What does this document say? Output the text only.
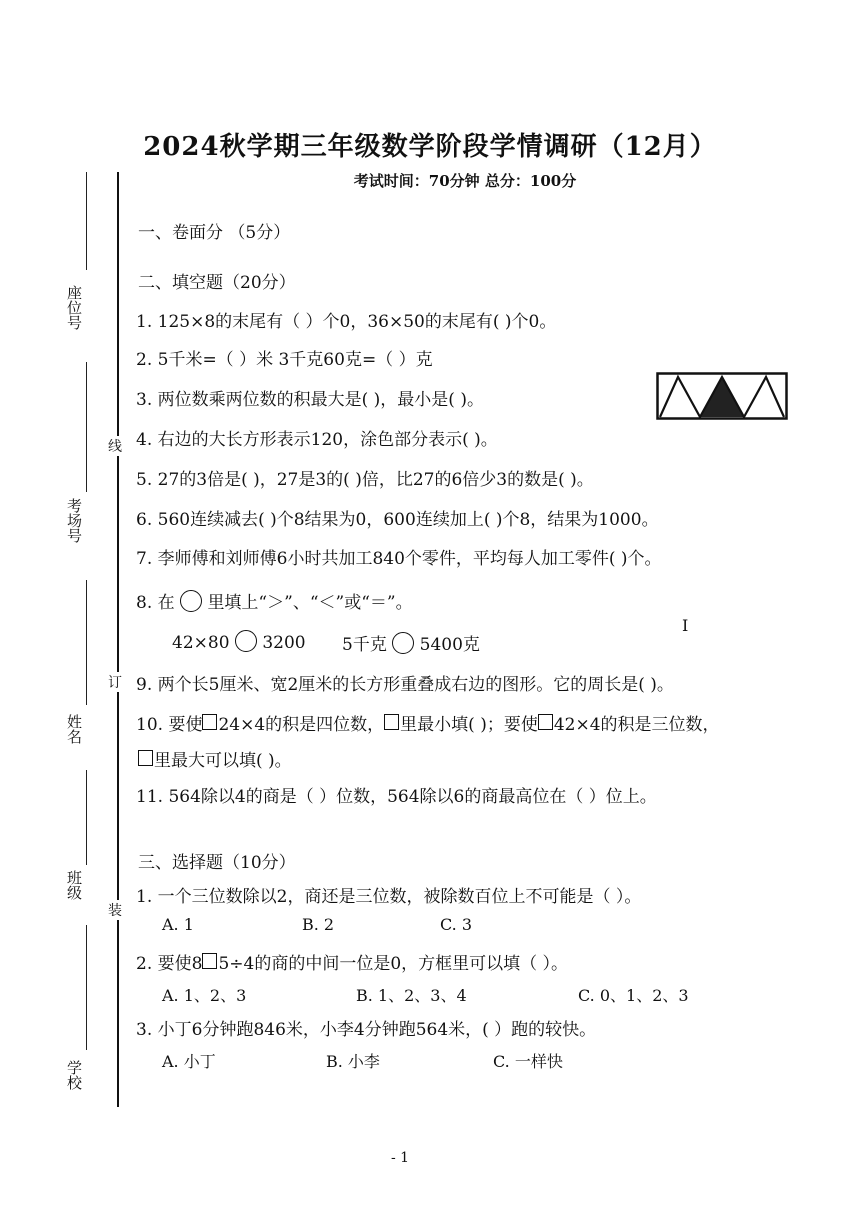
2024秋学期三年级数学阶段学情调研（12月）
考试时间：70分钟 总分：100分
线
订
装
座位号
考场号
姓名
班级
学校
一、卷面分 （5分）
二、填空题（20分）
1. 125×8的末尾有（ ）个0，36×50的末尾有( )个0。
2. 5千米=（ ）米 3千克60克=（ ）克
3. 两位数乘两位数的积最大是( )，最小是( )。
4. 右边的大长方形表示120，涂色部分表示( )。
5. 27的3倍是( )，27是3的( )倍，比27的6倍少3的数是( )。
6. 560连续减去( )个8结果为0，600连续加上( )个8，结果为1000。
7. 李师傅和刘师傅6小时共加工840个零件，平均每人加工零件( )个。
8. 在 里填上“＞”、“＜”或“＝”。
42×80 3200 5千克 5400克
I
9. 两个长5厘米、宽2厘米的长方形重叠成右边的图形。它的周长是( )。
10. 要使 24×4的积是四位数， 里最小填( )；要使 42×4的积是三位数，
里最大可以填( )。
11. 564除以4的商是（ ）位数，564除以6的商最高位在（ ）位上。
三、选择题（10分）
1. 一个三位数除以2，商还是三位数，被除数百位上不可能是（ ）。
A. 1	B. 2	C. 3
2. 要使8 5÷4的商的中间一位是0，方框里可以填（ ）。
A. 1、2、3	B. 1、2、3、4	C. 0、1、2、3
3. 小丁6分钟跑846米，小李4分钟跑564米，( ）跑的较快。
A. 小丁	B. 小李	C. 一样快
- 1
